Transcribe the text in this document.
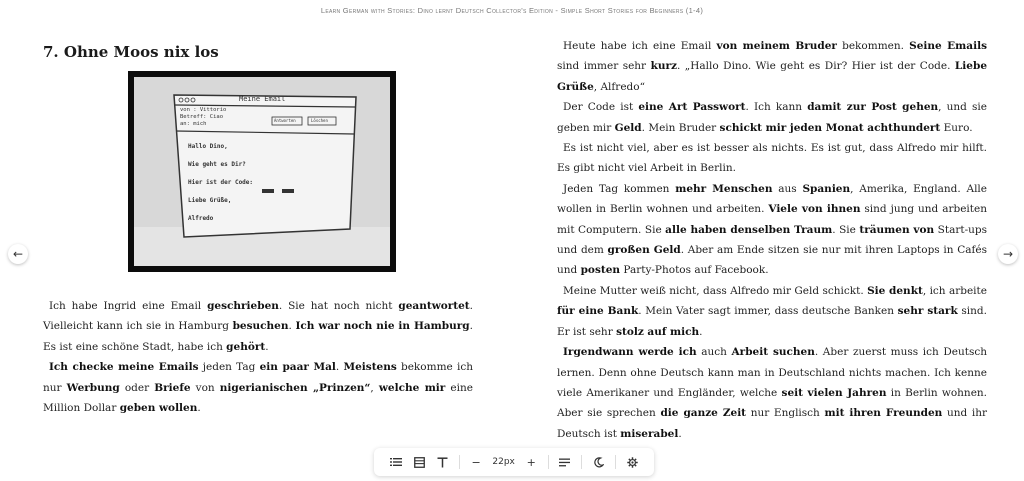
Learn German with Stories: Dino lernt Deutsch Collector's Edition - Simple Short Stories for Beginners (1-4)
←	→
7. Ohne Moos nix los
Meine Email
von : Vittorio
Betreff: Ciao
an: mich
Antworten	Löschen
Hallo Dino,
Wie geht es Dir?
Hier ist der Code:
Liebe Grüße,
Alfredo

Ich habe Ingrid eine Email geschrieben. Sie hat noch nicht geantwortet. Vielleicht kann ich sie in Hamburg besuchen. Ich war noch nie in Hamburg. Es ist eine schöne Stadt, habe ich gehört.

Ich checke meine Emails jeden Tag ein paar Mal. Meistens bekomme ich nur Werbung oder Briefe von nigerianischen „Prinzen“, welche mir eine Million Dollar geben wollen.

Heute habe ich eine Email von meinem Bruder bekommen. Seine Emails sind immer sehr kurz. „Hallo Dino. Wie geht es Dir? Hier ist der Code. Liebe Grüße, Alfredo“

Der Code ist eine Art Passwort. Ich kann damit zur Post gehen, und sie geben mir Geld. Mein Bruder schickt mir jeden Monat achthundert Euro.

Es ist nicht viel, aber es ist besser als nichts. Es ist gut, dass Alfredo mir hilft. Es gibt nicht viel Arbeit in Berlin.

Jeden Tag kommen mehr Menschen aus Spanien, Amerika, England. Alle wollen in Berlin wohnen und arbeiten. Viele von ihnen sind jung und arbeiten mit Computern. Sie alle haben denselben Traum. Sie träumen von Start-ups und dem großen Geld. Aber am Ende sitzen sie nur mit ihren Laptops in Cafés und posten Party-Photos auf Facebook.

Meine Mutter weiß nicht, dass Alfredo mir Geld schickt. Sie denkt, ich arbeite für eine Bank. Mein Vater sagt immer, dass deutsche Banken sehr stark sind. Er ist sehr stolz auf mich.

Irgendwann werde ich auch Arbeit suchen. Aber zuerst muss ich Deutsch lernen. Denn ohne Deutsch kann man in Deutschland nichts machen. Ich kenne viele Amerikaner und Engländer, welche seit vielen Jahren in Berlin wohnen. Aber sie sprechen die ganze Zeit nur Englisch mit ihren Freunden und ihr Deutsch ist miserabel.

− 22px +
